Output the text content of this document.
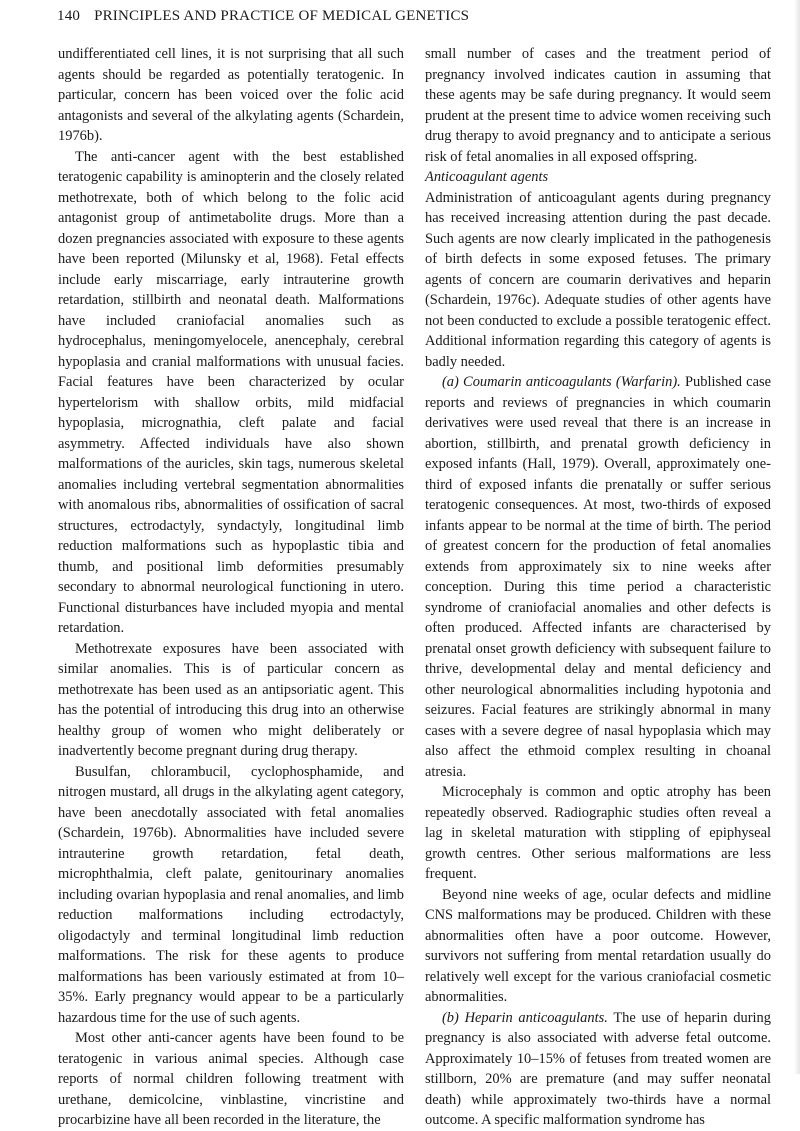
140 PRINCIPLES AND PRACTICE OF MEDICAL GENETICS

undifferentiated cell lines, it is not surprising that all such agents should be regarded as potentially teratogenic. In particular, concern has been voiced over the folic acid antagonists and several of the alkylating agents (Schardein, 1976b).

The anti-cancer agent with the best established teratogenic capability is aminopterin and the closely related methotrexate, both of which belong to the folic acid antagonist group of antimetabolite drugs. More than a dozen pregnancies associated with exposure to these agents have been reported (Milunsky et al, 1968). Fetal effects include early miscarriage, early intrauterine growth retardation, stillbirth and neonatal death. Malformations have included craniofacial anomalies such as hydrocephalus, meningomyelocele, anencephaly, cerebral hypoplasia and cranial malformations with unusual facies. Facial features have been characterized by ocular hypertelorism with shallow orbits, mild midfacial hypoplasia, micrognathia, cleft palate and facial asymmetry. Affected individuals have also shown malformations of the auricles, skin tags, numerous skeletal anomalies including vertebral segmentation abnormalities with anomalous ribs, abnormalities of ossification of sacral structures, ectrodactyly, syndactyly, longitudinal limb reduction malformations such as hypoplastic tibia and thumb, and positional limb deformities presumably secondary to abnormal neurological functioning in utero. Functional disturbances have included myopia and mental retardation.

Methotrexate exposures have been associated with similar anomalies. This is of particular concern as methotrexate has been used as an antipsoriatic agent. This has the potential of introducing this drug into an otherwise healthy group of women who might deliberately or inadvertently become pregnant during drug therapy.

Busulfan, chlorambucil, cyclophosphamide, and nitrogen mustard, all drugs in the alkylating agent category, have been anecdotally associated with fetal anomalies (Schardein, 1976b). Abnormalities have included severe intrauterine growth retardation, fetal death, microphthalmia, cleft palate, genitourinary anomalies including ovarian hypoplasia and renal anomalies, and limb reduction malformations including ectrodactyly, oligodactyly and terminal longitudinal limb reduction malformations. The risk for these agents to produce malformations has been variously estimated at from 10–35%. Early pregnancy would appear to be a particularly hazardous time for the use of such agents.

Most other anti-cancer agents have been found to be teratogenic in various animal species. Although case reports of normal children following treatment with urethane, demicolcine, vinblastine, vincristine and procarbizine have all been recorded in the literature, the

small number of cases and the treatment period of pregnancy involved indicates caution in assuming that these agents may be safe during pregnancy. It would seem prudent at the present time to advice women receiving such drug therapy to avoid pregnancy and to anticipate a serious risk of fetal anomalies in all exposed offspring.

Anticoagulant agents

Administration of anticoagulant agents during pregnancy has received increasing attention during the past decade. Such agents are now clearly implicated in the pathogenesis of birth defects in some exposed fetuses. The primary agents of concern are coumarin derivatives and heparin (Schardein, 1976c). Adequate studies of other agents have not been conducted to exclude a possible teratogenic effect. Additional information regarding this category of agents is badly needed.

(a) Coumarin anticoagulants (Warfarin). Published case reports and reviews of pregnancies in which coumarin derivatives were used reveal that there is an increase in abortion, stillbirth, and prenatal growth deficiency in exposed infants (Hall, 1979). Overall, approximately one-third of exposed infants die prenatally or suffer serious teratogenic consequences. At most, two-thirds of exposed infants appear to be normal at the time of birth. The period of greatest concern for the production of fetal anomalies extends from approximately six to nine weeks after conception. During this time period a characteristic syndrome of craniofacial anomalies and other defects is often produced. Affected infants are characterised by prenatal onset growth deficiency with subsequent failure to thrive, developmental delay and mental deficiency and other neurological abnormalities including hypotonia and seizures. Facial features are strikingly abnormal in many cases with a severe degree of nasal hypoplasia which may also affect the ethmoid complex resulting in choanal atresia.

Microcephaly is common and optic atrophy has been repeatedly observed. Radiographic studies often reveal a lag in skeletal maturation with stippling of epiphyseal growth centres. Other serious malformations are less frequent.

Beyond nine weeks of age, ocular defects and midline CNS malformations may be produced. Children with these abnormalities often have a poor outcome. However, survivors not suffering from mental retardation usually do relatively well except for the various craniofacial cosmetic abnormalities.

(b) Heparin anticoagulants. The use of heparin during pregnancy is also associated with adverse fetal outcome. Approximately 10–15% of fetuses from treated women are stillborn, 20% are premature (and may suffer neonatal death) while approximately two-thirds have a normal outcome. A specific malformation syndrome has
